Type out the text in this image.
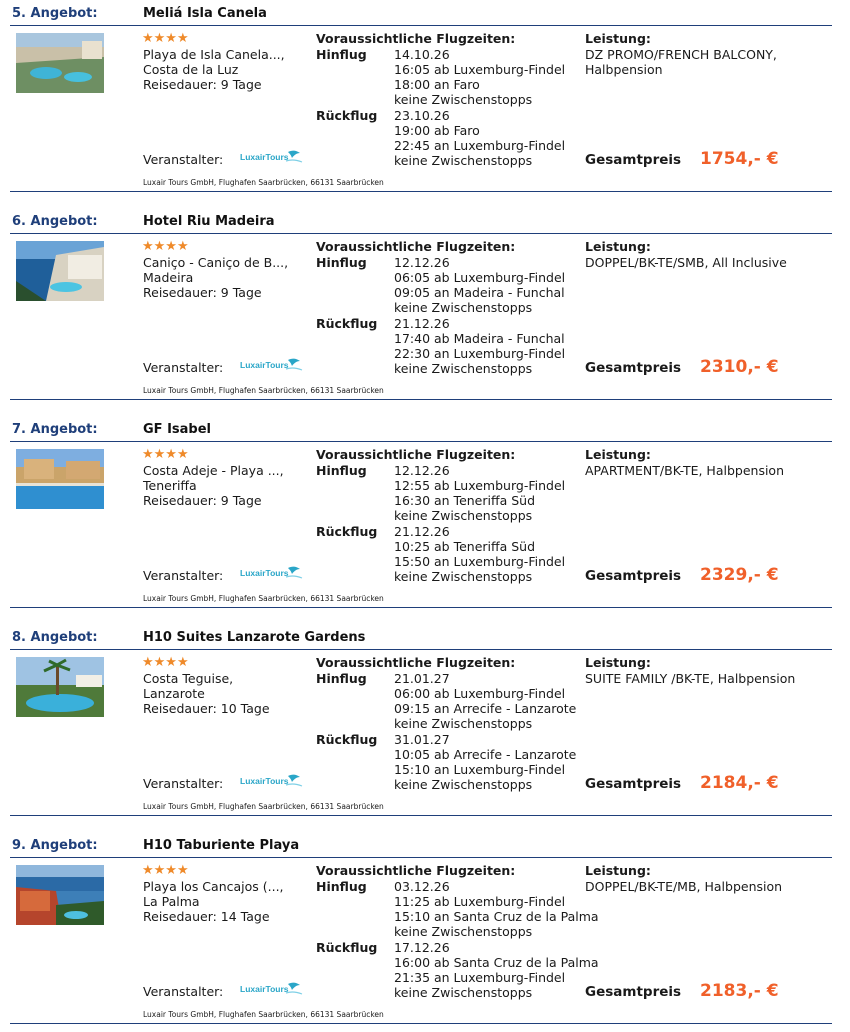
5. Angebot:	Meliá Isla Canela
★★★★
Playa de Isla Canela...,
Costa de la Luz
Reisedauer: 9 Tage
Voraussichtliche Flugzeiten:
Hinflug 14.10.26
16:05 ab Luxemburg-Findel
18:00 an Faro
keine Zwischenstopps
Rückflug 23.10.26
19:00 ab Faro
22:45 an Luxemburg-Findel
keine Zwischenstopps
Leistung:
DZ PROMO/FRENCH BALCONY,
Halbpension
Veranstalter: LuxairTours	Gesamtpreis 1754,- €
Luxair Tours GmbH, Flughafen Saarbrücken, 66131 Saarbrücken
6. Angebot:	Hotel Riu Madeira
★★★★
Caniço - Caniço de B...,
Madeira
Reisedauer: 9 Tage
Voraussichtliche Flugzeiten:
Hinflug 12.12.26
06:05 ab Luxemburg-Findel
09:05 an Madeira - Funchal
keine Zwischenstopps
Rückflug 21.12.26
17:40 ab Madeira - Funchal
22:30 an Luxemburg-Findel
keine Zwischenstopps
Leistung:
DOPPEL/BK-TE/SMB, All Inclusive
Veranstalter: LuxairTours	Gesamtpreis 2310,- €
Luxair Tours GmbH, Flughafen Saarbrücken, 66131 Saarbrücken
7. Angebot:	GF Isabel
★★★★
Costa Adeje - Playa ...,
Teneriffa
Reisedauer: 9 Tage
Voraussichtliche Flugzeiten:
Hinflug 12.12.26
12:55 ab Luxemburg-Findel
16:30 an Teneriffa Süd
keine Zwischenstopps
Rückflug 21.12.26
10:25 ab Teneriffa Süd
15:50 an Luxemburg-Findel
keine Zwischenstopps
Leistung:
APARTMENT/BK-TE, Halbpension
Veranstalter: LuxairTours	Gesamtpreis 2329,- €
Luxair Tours GmbH, Flughafen Saarbrücken, 66131 Saarbrücken
8. Angebot:	H10 Suites Lanzarote Gardens
★★★★
Costa Teguise,
Lanzarote
Reisedauer: 10 Tage
Voraussichtliche Flugzeiten:
Hinflug 21.01.27
06:00 ab Luxemburg-Findel
09:15 an Arrecife - Lanzarote
keine Zwischenstopps
Rückflug 31.01.27
10:05 ab Arrecife - Lanzarote
15:10 an Luxemburg-Findel
keine Zwischenstopps
Leistung:
SUITE FAMILY /BK-TE, Halbpension
Veranstalter: LuxairTours	Gesamtpreis 2184,- €
Luxair Tours GmbH, Flughafen Saarbrücken, 66131 Saarbrücken
9. Angebot:	H10 Taburiente Playa
★★★★
Playa los Cancajos (...,
La Palma
Reisedauer: 14 Tage
Voraussichtliche Flugzeiten:
Hinflug 03.12.26
11:25 ab Luxemburg-Findel
15:10 an Santa Cruz de la Palma
keine Zwischenstopps
Rückflug 17.12.26
16:00 ab Santa Cruz de la Palma
21:35 an Luxemburg-Findel
keine Zwischenstopps
Leistung:
DOPPEL/BK-TE/MB, Halbpension
Veranstalter: LuxairTours	Gesamtpreis 2183,- €
Luxair Tours GmbH, Flughafen Saarbrücken, 66131 Saarbrücken
